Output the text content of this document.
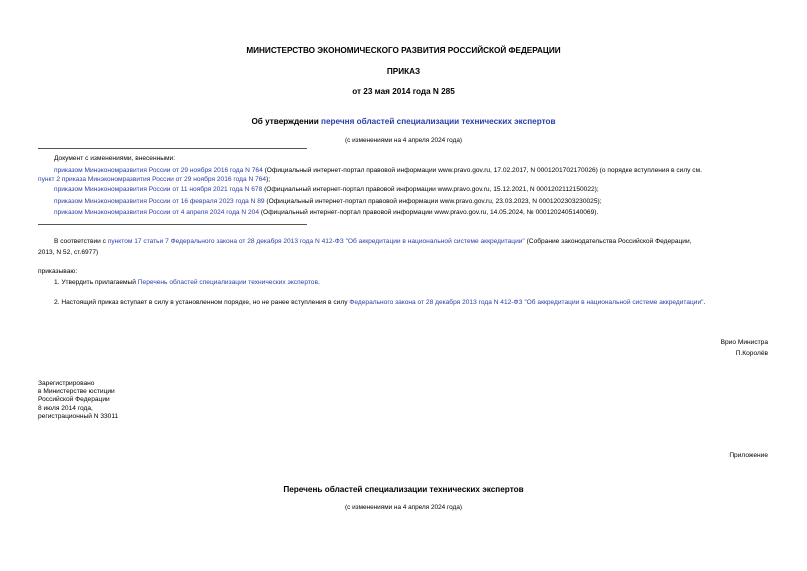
МИНИСТЕРСТВО ЭКОНОМИЧЕСКОГО РАЗВИТИЯ РОССИЙСКОЙ ФЕДЕРАЦИИ
ПРИКАЗ
от 23 мая 2014 года N 285
Об утверждении перечня областей специализации технических экспертов
(с изменениями на 4 апреля 2024 года)
Документ с изменениями, внесенными:
приказом Минэкономразвития России от 29 ноября 2016 года N 764 (Официальный интернет-портал правовой информации www.pravo.gov.ru, 17.02.2017, N 0001201702170026) (о порядке вступления в силу см.
пункт 2 приказа Минэкономразвития России от 29 ноября 2016 года N 764);
приказом Минэкономразвития России от 11 ноября 2021 года N 678 (Официальный интернет-портал правовой информации www.pravo.gov.ru, 15.12.2021, N 0001202112150022);
приказом Минэкономразвития России от 16 февраля 2023 года N 89 (Официальный интернет-портал правовой информации www.pravo.gov.ru, 23.03.2023, N 0001202303230025);
приказом Минэкономразвития России от 4 апреля 2024 года N 204 (Официальный интернет-портал правовой информации www.pravo.gov.ru, 14.05.2024, № 0001202405140069).
В соответствии с пунктом 17 статьи 7 Федерального закона от 28 декабря 2013 года N 412-ФЗ "Об аккредитации в национальной системе аккредитации" (Собрание законодательства Российской Федерации,
2013, N 52, ст.6977)
приказываю:
1. Утвердить прилагаемый Перечень областей специализации технических экспертов.
2. Настоящий приказ вступает в силу в установленном порядке, но не ранее вступления в силу Федерального закона от 28 декабря 2013 года N 412-ФЗ "Об аккредитации в национальной системе аккредитации".
Врио Министра
П.Королёв
Зарегистрировано
в Министерстве юстиции
Российской Федерации
8 июля 2014 года,
регистрационный N 33011
Приложение
Перечень областей специализации технических экспертов
(с изменениями на 4 апреля 2024 года)
